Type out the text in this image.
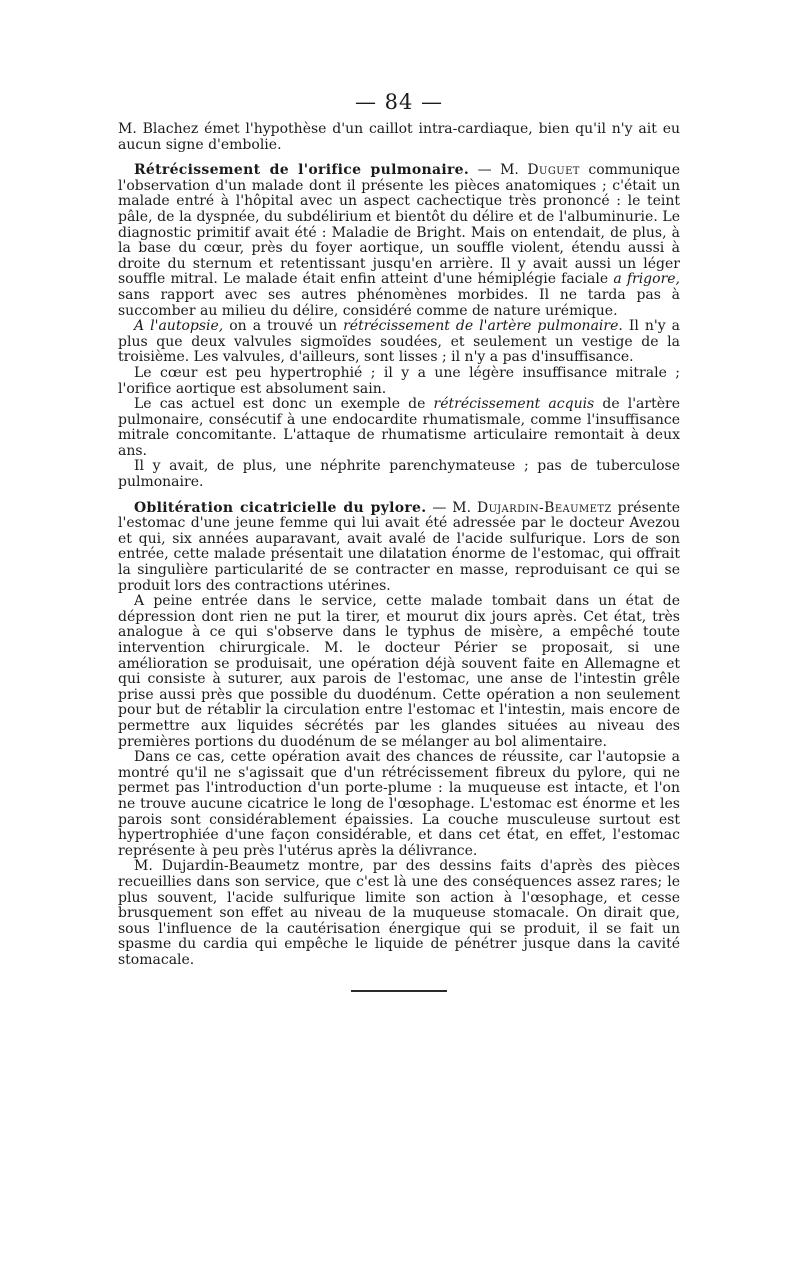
— 84 —

M. Blachez émet l'hypothèse d'un caillot intra-cardiaque, bien qu'il n'y ait eu aucun signe d'embolie.

Rétrécissement de l'orifice pulmonaire. — M. Duguet communique l'observation d'un malade dont il présente les pièces anatomiques ; c'était un malade entré à l'hôpital avec un aspect cachectique très prononcé : le teint pâle, de la dyspnée, du subdélirium et bientôt du délire et de l'albuminurie. Le diagnostic primitif avait été : Maladie de Bright. Mais on entendait, de plus, à la base du cœur, près du foyer aortique, un souffle violent, étendu aussi à droite du sternum et retentissant jusqu'en arrière. Il y avait aussi un léger souffle mitral. Le malade était enfin atteint d'une hémiplégie faciale a frigore, sans rapport avec ses autres phénomènes morbides. Il ne tarda pas à succomber au milieu du délire, considéré comme de nature urémique.

A l'autopsie, on a trouvé un rétrécissement de l'artère pulmonaire. Il n'y a plus que deux valvules sigmoïdes soudées, et seulement un vestige de la troisième. Les valvules, d'ailleurs, sont lisses ; il n'y a pas d'insuffisance.

Le cœur est peu hypertrophié ; il y a une légère insuffisance mitrale ; l'orifice aortique est absolument sain.

Le cas actuel est donc un exemple de rétrécissement acquis de l'artère pulmonaire, consécutif à une endocardite rhumatismale, comme l'insuffisance mitrale concomitante. L'attaque de rhumatisme articulaire remontait à deux ans.

Il y avait, de plus, une néphrite parenchymateuse ; pas de tuberculose pulmonaire.

Oblitération cicatricielle du pylore. — M. Dujardin-Beaumetz présente l'estomac d'une jeune femme qui lui avait été adressée par le docteur Avezou et qui, six années auparavant, avait avalé de l'acide sulfurique. Lors de son entrée, cette malade présentait une dilatation énorme de l'estomac, qui offrait la singulière particularité de se contracter en masse, reproduisant ce qui se produit lors des contractions utérines.

A peine entrée dans le service, cette malade tombait dans un état de dépression dont rien ne put la tirer, et mourut dix jours après. Cet état, très analogue à ce qui s'observe dans le typhus de misère, a empêché toute intervention chirurgicale. M. le docteur Périer se proposait, si une amélioration se produisait, une opération déjà souvent faite en Allemagne et qui consiste à suturer, aux parois de l'estomac, une anse de l'intestin grêle prise aussi près que possible du duodénum. Cette opération a non seulement pour but de rétablir la circulation entre l'estomac et l'intestin, mais encore de permettre aux liquides sécrétés par les glandes situées au niveau des premières portions du duodénum de se mélanger au bol alimentaire.

Dans ce cas, cette opération avait des chances de réussite, car l'autopsie a montré qu'il ne s'agissait que d'un rétrécissement fibreux du pylore, qui ne permet pas l'introduction d'un porte-plume : la muqueuse est intacte, et l'on ne trouve aucune cicatrice le long de l'œsophage. L'estomac est énorme et les parois sont considérablement épaissies. La couche musculeuse surtout est hypertrophiée d'une façon considérable, et dans cet état, en effet, l'estomac représente à peu près l'utérus après la délivrance.

M. Dujardin-Beaumetz montre, par des dessins faits d'après des pièces recueillies dans son service, que c'est là une des conséquences assez rares; le plus souvent, l'acide sulfurique limite son action à l'œsophage, et cesse brusquement son effet au niveau de la muqueuse stomacale. On dirait que, sous l'influence de la cautérisation énergique qui se produit, il se fait un spasme du cardia qui empêche le liquide de pénétrer jusque dans la cavité stomacale.
